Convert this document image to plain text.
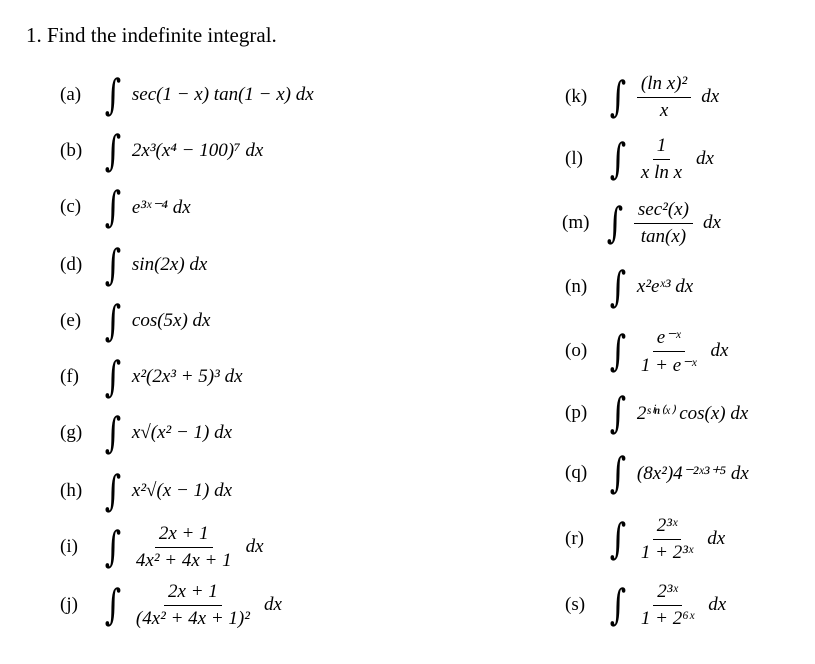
1. Find the indefinite integral.
(a) ∫ sec(1 − x) tan(1 − x) dx
(b) ∫ 2x³(x⁴ − 100)⁷ dx
(c) ∫ e³ˣ⁻⁴ dx
(d) ∫ sin(2x) dx
(e) ∫ cos(5x) dx
(f) ∫ x²(2x³ + 5)³ dx
(g) ∫ x√(x² − 1) dx
(h) ∫ x²√(x − 1) dx
(i) ∫ $\frac{2x + 1}{\text{4x² + 4x + 1}}$ dx
(j) ∫ $\frac{2x + 1}{\text{(4x² + 4x + 1)²}}$ dx
(k) ∫ $\frac{\text{(ln x)²}}{x}$ dx
(l) ∫ $\frac{1}{\text{x ln x}}$ dx
(m) ∫ $\frac{\text{sec²(x)}}{\tan(x)}$ dx
(n) ∫ x²eˣ³ dx
(o) ∫ $\frac{\text{e⁻ˣ}}{\text{1 + e⁻ˣ}}$ dx
(p) ∫ 2ˢⁱⁿ⁽ˣ⁾ cos(x) dx
(q) ∫ (8x²)4⁻²ˣ³⁺⁵ dx
(r) ∫ $\frac{\text{2³ˣ}}{\text{1 + 2³ˣ}}$ dx
(s) ∫ $\frac{\text{2³ˣ}}{\text{1 + 2⁶ˣ}}$ dx
